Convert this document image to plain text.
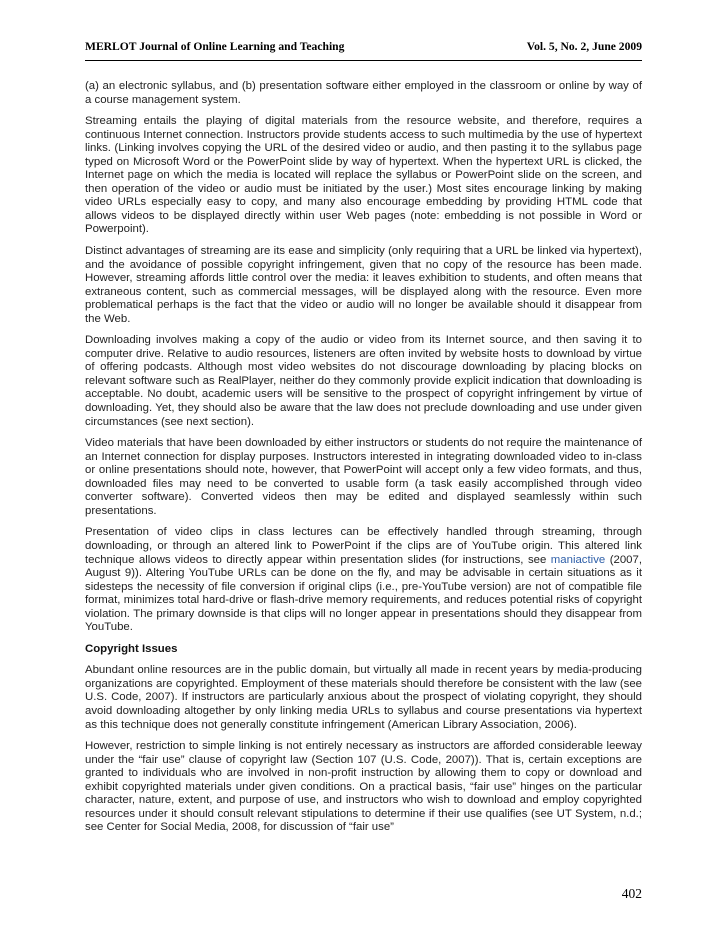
MERLOT Journal of Online Learning and Teaching	Vol. 5, No. 2, June 2009

(a) an electronic syllabus, and (b) presentation software either employed in the classroom or online by way of a course management system.

Streaming entails the playing of digital materials from the resource website, and therefore, requires a continuous Internet connection. Instructors provide students access to such multimedia by the use of hypertext links. (Linking involves copying the URL of the desired video or audio, and then pasting it to the syllabus page typed on Microsoft Word or the PowerPoint slide by way of hypertext. When the hypertext URL is clicked, the Internet page on which the media is located will replace the syllabus or PowerPoint slide on the screen, and then operation of the video or audio must be initiated by the user.) Most sites encourage linking by making video URLs especially easy to copy, and many also encourage embedding by providing HTML code that allows videos to be displayed directly within user Web pages (note: embedding is not possible in Word or Powerpoint).

Distinct advantages of streaming are its ease and simplicity (only requiring that a URL be linked via hypertext), and the avoidance of possible copyright infringement, given that no copy of the resource has been made. However, streaming affords little control over the media: it leaves exhibition to students, and often means that extraneous content, such as commercial messages, will be displayed along with the resource. Even more problematical perhaps is the fact that the video or audio will no longer be available should it disappear from the Web.

Downloading involves making a copy of the audio or video from its Internet source, and then saving it to computer drive. Relative to audio resources, listeners are often invited by website hosts to download by virtue of offering podcasts. Although most video websites do not discourage downloading by placing blocks on relevant software such as RealPlayer, neither do they commonly provide explicit indication that downloading is acceptable. No doubt, academic users will be sensitive to the prospect of copyright infringement by virtue of downloading. Yet, they should also be aware that the law does not preclude downloading and use under given circumstances (see next section).

Video materials that have been downloaded by either instructors or students do not require the maintenance of an Internet connection for display purposes. Instructors interested in integrating downloaded video to in-class or online presentations should note, however, that PowerPoint will accept only a few video formats, and thus, downloaded files may need to be converted to usable form (a task easily accomplished through video converter software). Converted videos then may be edited and displayed seamlessly within such presentations.

Presentation of video clips in class lectures can be effectively handled through streaming, through downloading, or through an altered link to PowerPoint if the clips are of YouTube origin. This altered link technique allows videos to directly appear within presentation slides (for instructions, see maniactive (2007, August 9)). Altering YouTube URLs can be done on the fly, and may be advisable in certain situations as it sidesteps the necessity of file conversion if original clips (i.e., pre-YouTube version) are not of compatible file format, minimizes total hard-drive or flash-drive memory requirements, and reduces potential risks of copyright violation. The primary downside is that clips will no longer appear in presentations should they disappear from YouTube.

Copyright Issues

Abundant online resources are in the public domain, but virtually all made in recent years by media-producing organizations are copyrighted. Employment of these materials should therefore be consistent with the law (see U.S. Code, 2007). If instructors are particularly anxious about the prospect of violating copyright, they should avoid downloading altogether by only linking media URLs to syllabus and course presentations via hypertext as this technique does not generally constitute infringement (American Library Association, 2006).

However, restriction to simple linking is not entirely necessary as instructors are afforded considerable leeway under the “fair use” clause of copyright law (Section 107 (U.S. Code, 2007)). That is, certain exceptions are granted to individuals who are involved in non-profit instruction by allowing them to copy or download and exhibit copyrighted materials under given conditions. On a practical basis, “fair use” hinges on the particular character, nature, extent, and purpose of use, and instructors who wish to download and employ copyrighted resources under it should consult relevant stipulations to determine if their use qualifies (see UT System, n.d.; see Center for Social Media, 2008, for discussion of “fair use”

402
